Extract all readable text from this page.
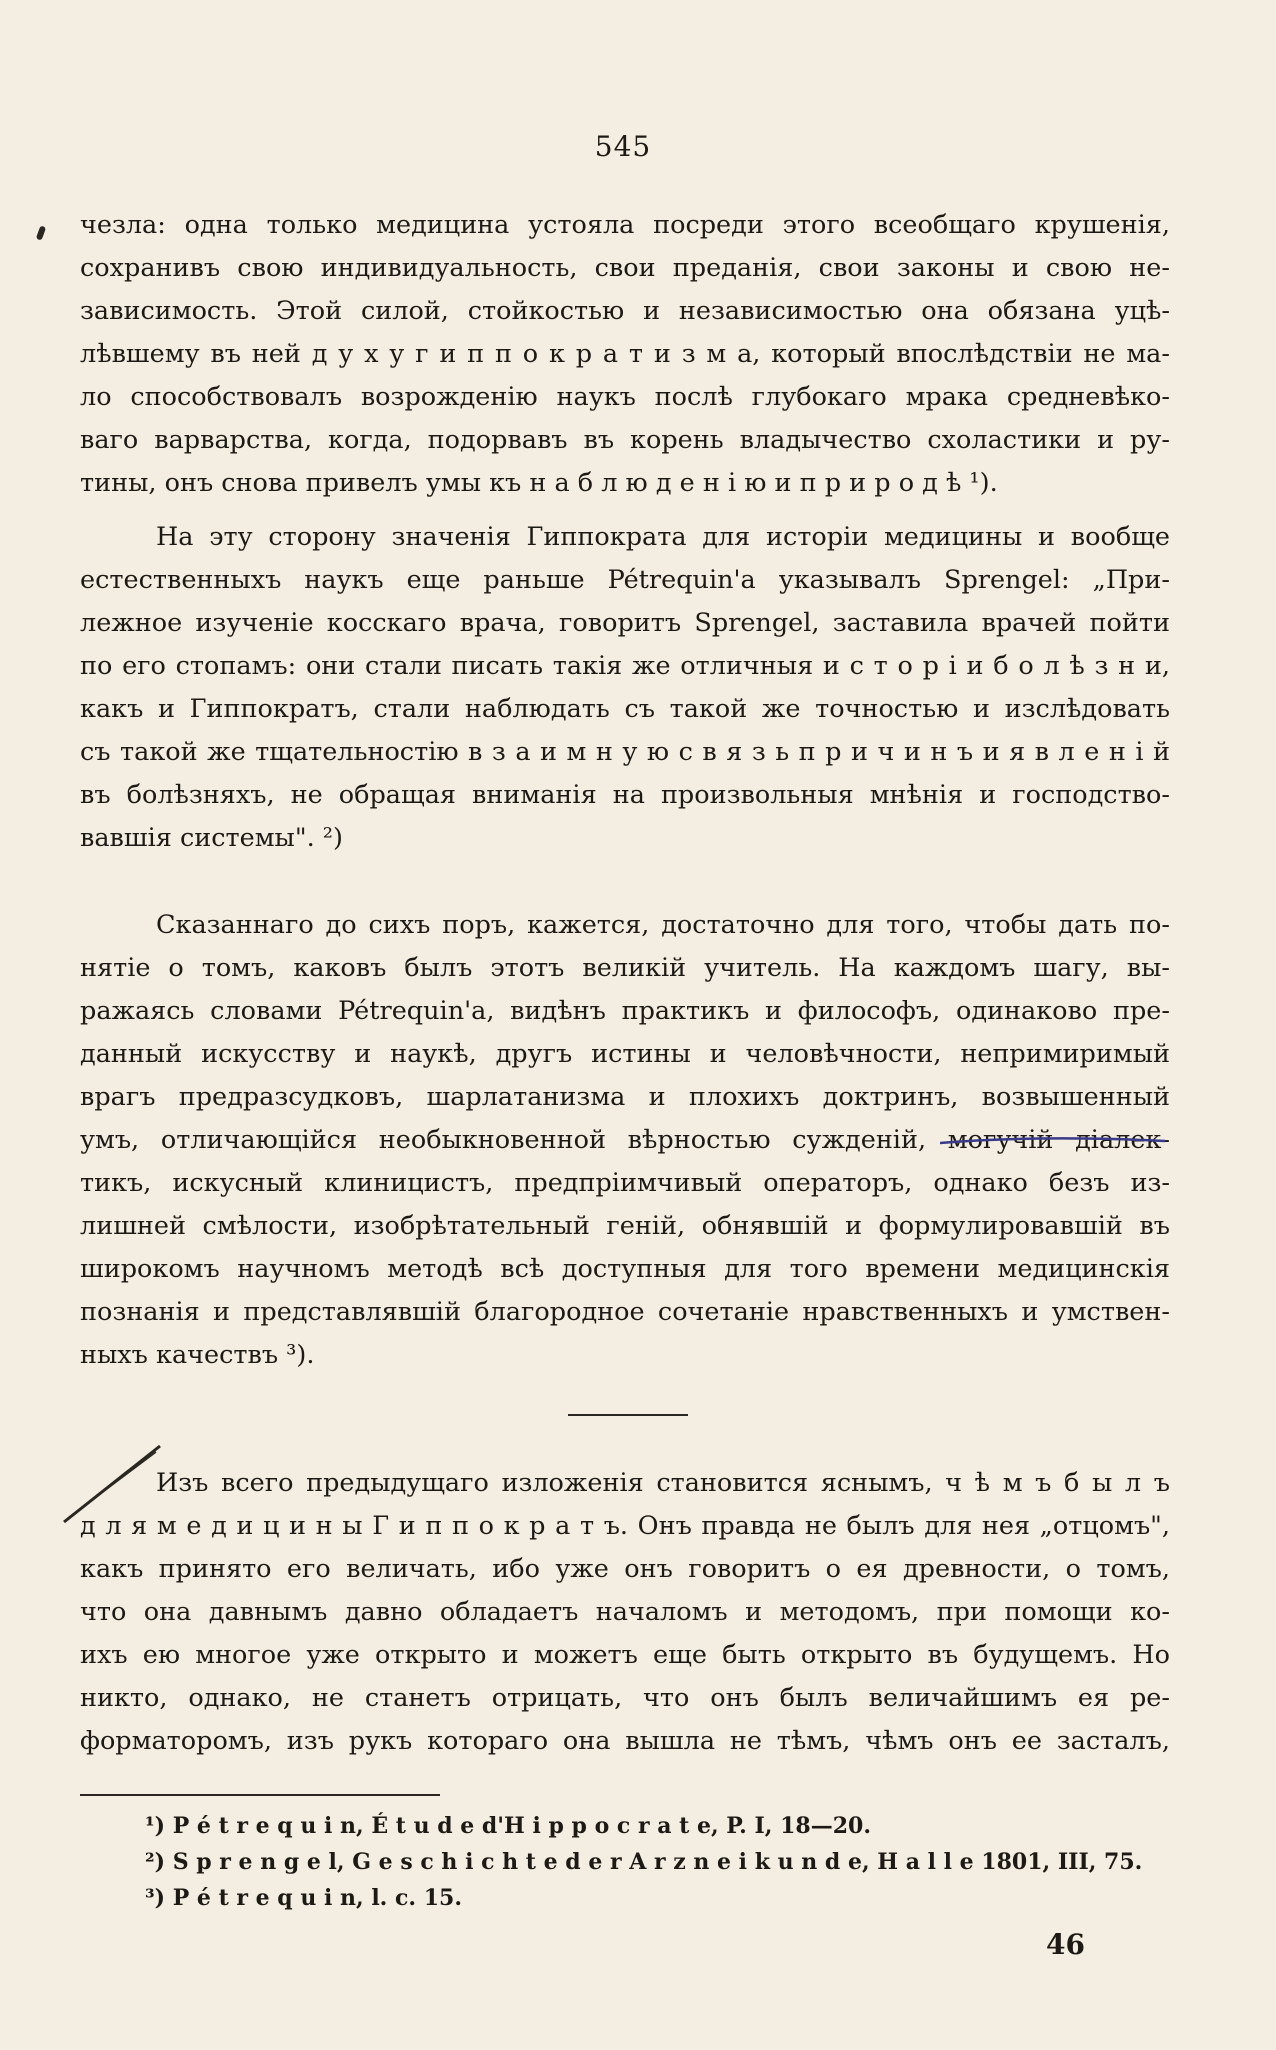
545
чезла: одна только медицина устояла посреди этого всеобщаго крушенія,
сохранивъ свою индивидуальность, свои преданія, свои законы и свою не-
зависимость. Этой силой, стойкостью и независимостью она обязана уцѣ-
лѣвшему въ ней д у х у г и п п о к р а т и з м а, который впослѣдствіи не ма-
ло способствовалъ возрожденію наукъ послѣ глубокаго мрака средневѣко-
ваго варварства, когда, подорвавъ въ корень владычество схоластики и ру-
тины, онъ снова привелъ умы къ н а б л ю д е н і ю и п р и р о д ѣ ¹).
На эту сторону значенія Гиппократа для исторіи медицины и вообще
естественныхъ наукъ еще раньше Pétrequin'а указывалъ Sprengel: „При-
лежное изученіе косскаго врача, говоритъ Sprengel, заставила врачей пойти
по его стопамъ: они стали писать такія же отличныя и с т о р і и б о л ѣ з н и,
какъ и Гиппократъ, стали наблюдать съ такой же точностью и изслѣдовать
съ такой же тщательностію в з а и м н у ю с в я з ь п р и ч и н ъ и я в л е н і й
въ болѣзняхъ, не обращая вниманія на произвольныя мнѣнія и господство-
вавшія системы". ²)
Сказаннаго до сихъ поръ, кажется, достаточно для того, чтобы дать по-
нятіе о томъ, каковъ былъ этотъ великій учитель. На каждомъ шагу, вы-
ражаясь словами Pétrequin'а, видѣнъ практикъ и философъ, одинаково пре-
данный искусству и наукѣ, другъ истины и человѣчности, непримиримый
врагъ предразсудковъ, шарлатанизма и плохихъ доктринъ, возвышенный
умъ, отличающійся необыкновенной вѣрностью сужденій, могучій діалек-
тикъ, искусный клиницистъ, предпріимчивый операторъ, однако безъ из-
лишней смѣлости, изобрѣтательный геній, обнявшій и формулировавшій въ
широкомъ научномъ методѣ всѣ доступныя для того времени медицинскія
познанія и представлявшій благородное сочетаніе нравственныхъ и умствен-
ныхъ качествъ ³).
Изъ всего предыдущаго изложенія становится яснымъ, ч ѣ м ъ б ы л ъ
д л я м е д и ц и н ы Г и п п о к р а т ъ. Онъ правда не былъ для нея „отцомъ",
какъ принято его величать, ибо уже онъ говоритъ о ея древности, о томъ,
что она давнымъ давно обладаетъ началомъ и методомъ, при помощи ко-
ихъ ею многое уже открыто и можетъ еще быть открыто въ будущемъ. Но
никто, однако, не станетъ отрицать, что онъ былъ величайшимъ ея ре-
форматоромъ, изъ рукъ котораго она вышла не тѣмъ, чѣмъ онъ ее засталъ,
¹) P é t r e q u i n, É t u d e d'H i p p o c r a t e, P. I, 18—20.
²) S p r e n g e l, G e s c h i c h t e d e r A r z n e i k u n d e, H a l l e 1801, III, 75.
³) P é t r e q u i n, l. c. 15.
46
